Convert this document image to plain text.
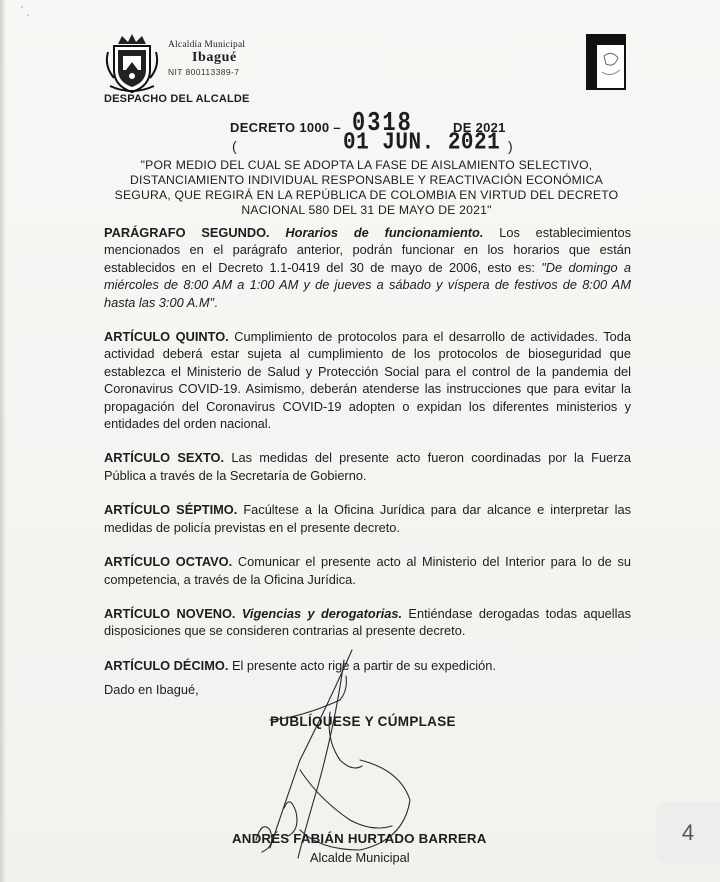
ˊ ˏ
Alcaldía Municipal
Ibagué
NIT 800113389-7
DESPACHO DEL ALCALDE
DECRETO 1000 – 0318	DE 2021
(	01 JUN. 2021 )
"POR MEDIO DEL CUAL SE ADOPTA LA FASE DE AISLAMIENTO SELECTIVO, DISTANCIAMIENTO INDIVIDUAL RESPONSABLE Y REACTIVACIÓN ECONÓMICA SEGURA, QUE REGIRÁ EN LA REPÚBLICA DE COLOMBIA EN VIRTUD DEL DECRETO NACIONAL 580 DEL 31 DE MAYO DE 2021"

PARÁGRAFO SEGUNDO. Horarios de funcionamiento. Los establecimientos mencionados en el parágrafo anterior, podrán funcionar en los horarios que están establecidos en el Decreto 1.1-0419 del 30 de mayo de 2006, esto es: "De domingo a miércoles de 8:00 AM a 1:00 AM y de jueves a sábado y víspera de festivos de 8:00 AM hasta las 3:00 A.M".

ARTÍCULO QUINTO. Cumplimiento de protocolos para el desarrollo de actividades. Toda actividad deberá estar sujeta al cumplimiento de los protocolos de bioseguridad que establezca el Ministerio de Salud y Protección Social para el control de la pandemia del Coronavirus COVID-19. Asimismo, deberán atenderse las instrucciones que para evitar la propagación del Coronavirus COVID-19 adopten o expidan los diferentes ministerios y entidades del orden nacional.

ARTÍCULO SEXTO. Las medidas del presente acto fueron coordinadas por la Fuerza Pública a través de la Secretaría de Gobierno.

ARTÍCULO SÉPTIMO. Facúltese a la Oficina Jurídica para dar alcance e interpretar las medidas de policía previstas en el presente decreto.

ARTÍCULO OCTAVO. Comunicar el presente acto al Ministerio del Interior para lo de su competencia, a través de la Oficina Jurídica.

ARTÍCULO NOVENO. Vigencias y derogatorias. Entiéndase derogadas todas aquellas disposiciones que se consideren contrarias al presente decreto.

ARTÍCULO DÉCIMO. El presente acto rige a partir de su expedición.

Dado en Ibagué,
PUBLÍQUESE Y CÚMPLASE
ANDRÉS FABIÁN HURTADO BARRERA
Alcalde Municipal
4
